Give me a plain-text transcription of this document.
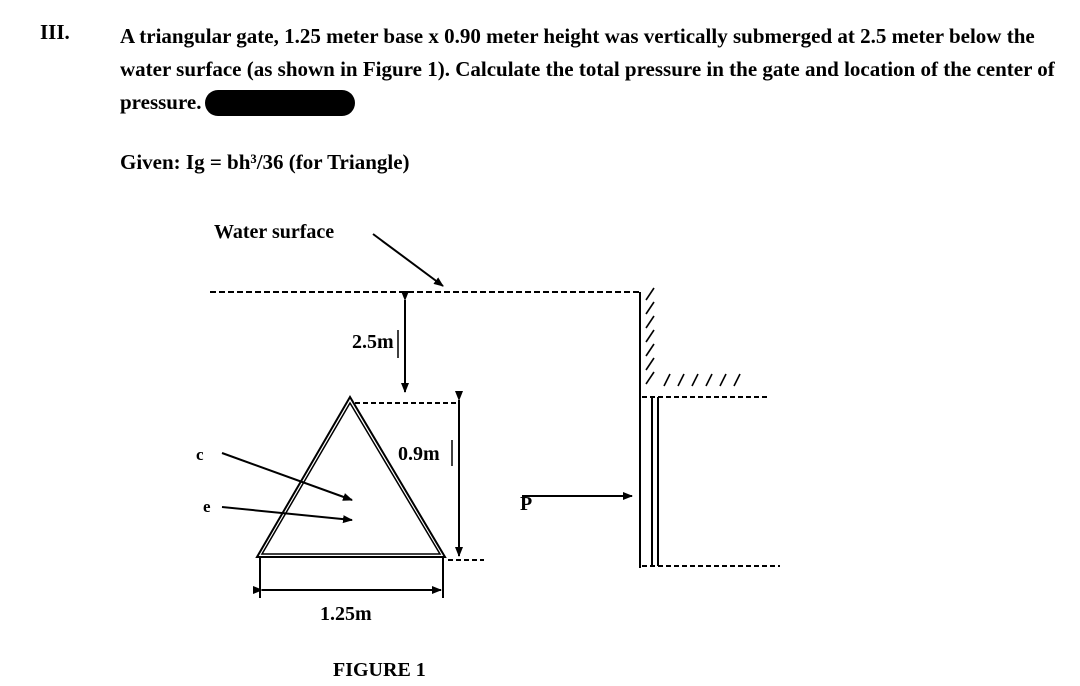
III. A triangular gate, 1.25 meter base x 0.90 meter height was vertically submerged at 2.5 meter below the water surface (as shown in Figure 1). Calculate the total pressure in the gate and location of the center of pressure.
Given: Ig = bh³/36 (for Triangle)
Water surface
2.5m
0.9m
1.25m
c
e	P
FIGURE 1
